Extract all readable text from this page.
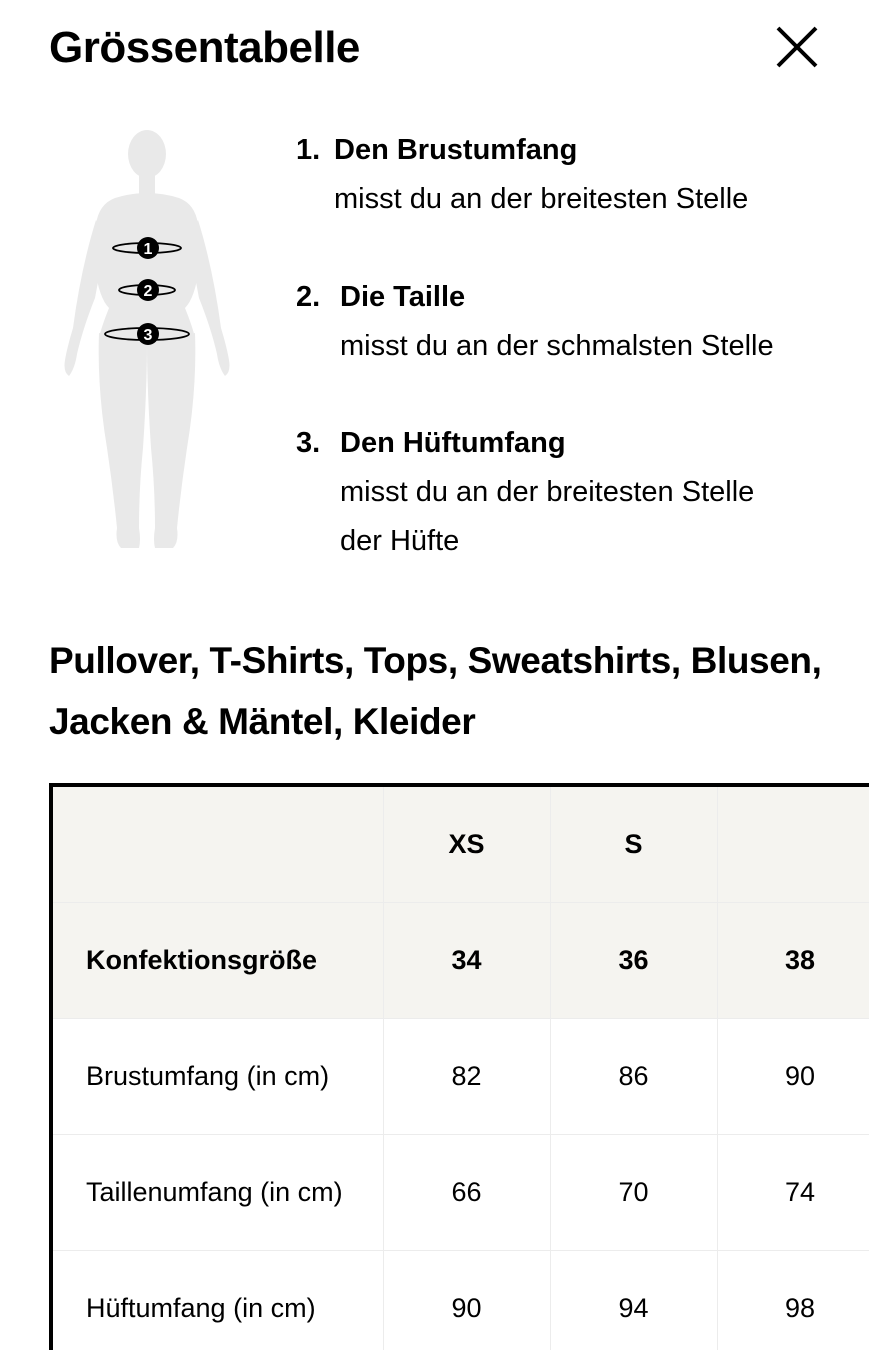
Grössentabelle
1
2
3
1. Den Brustumfang
misst du an der breitesten Stelle
2. Die Taille
misst du an der schmalsten Stelle
3. Den Hüftumfang
misst du an der breitesten Stelle
der Hüfte
Pullover, T-Shirts, Tops, Sweatshirts, Blusen,
Jacken & Mäntel, Kleider
	XS	S	
Konfektionsgröße	34	36	38
Brustumfang (in cm)	82	86	90
Taillenumfang (in cm)	66	70	74
Hüftumfang (in cm)	90	94	98
